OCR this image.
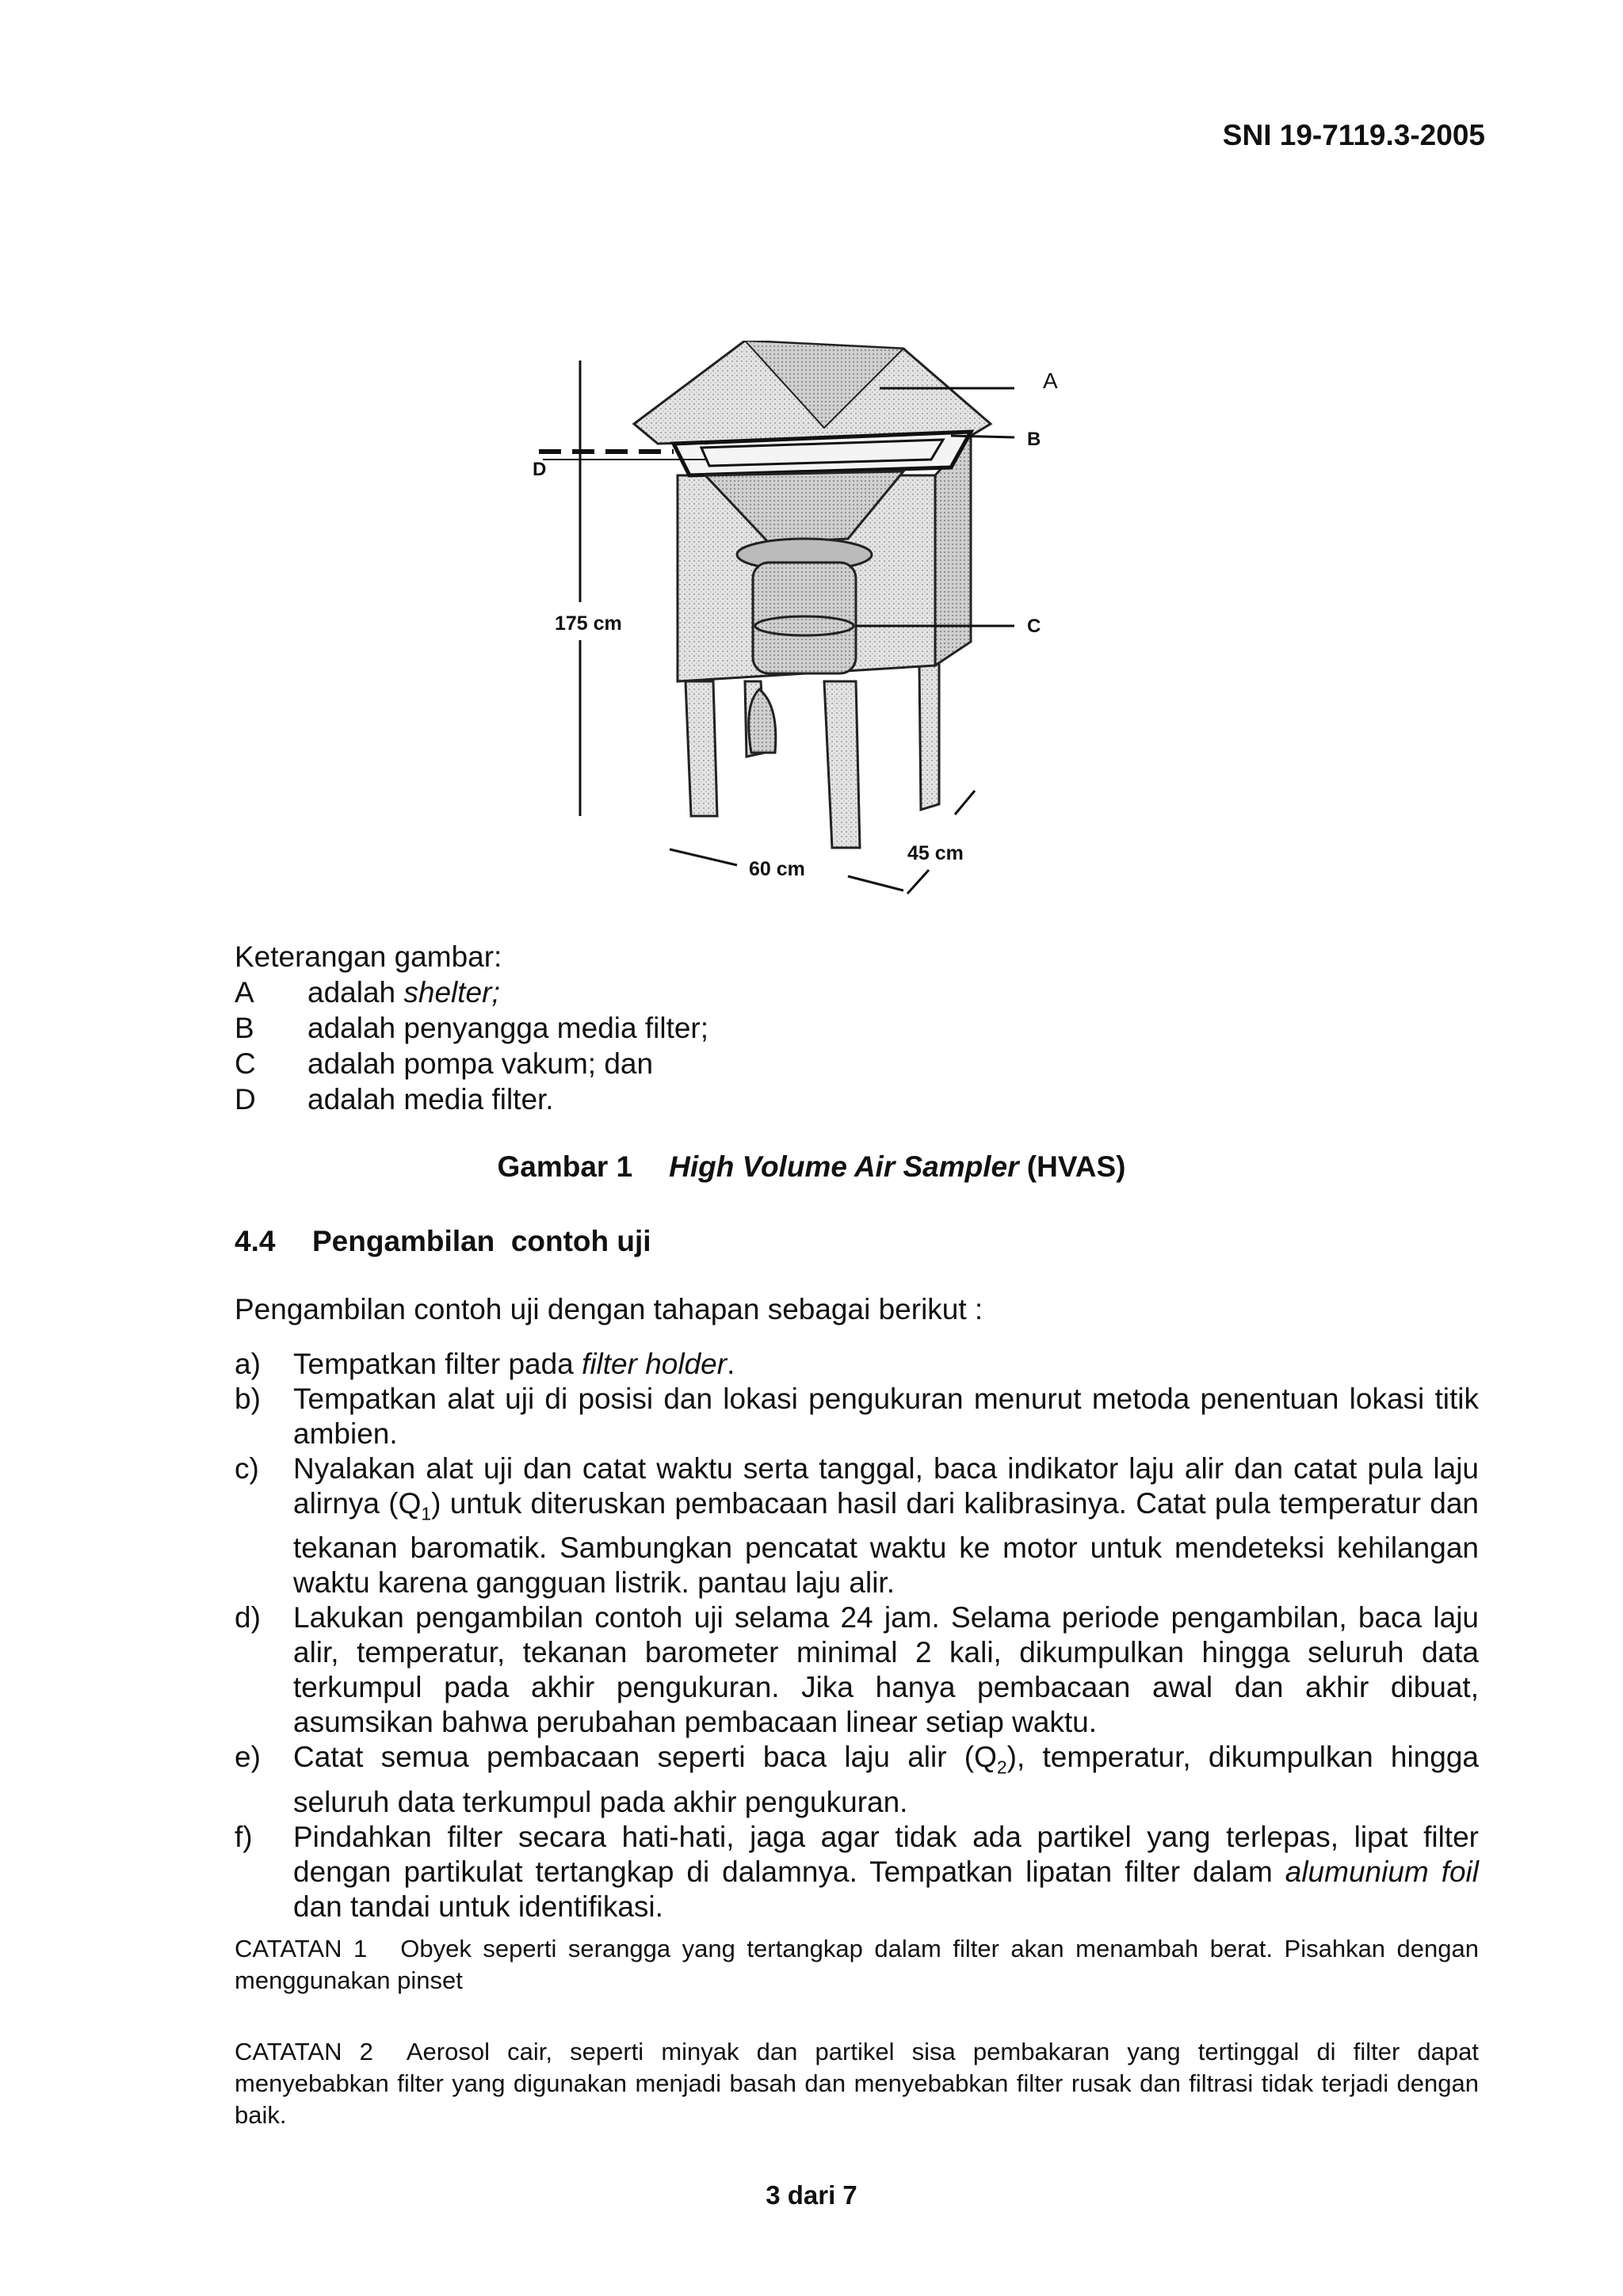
SNI 19-7119.3-2005
175 cm
D
A
B
C
60 cm
45 cm
Keterangan gambar:
A	adalah shelter;
B	adalah penyangga media filter;
C	adalah pompa vakum; dan
D	adalah media filter.
Gambar 1 High Volume Air Sampler (HVAS)
4.4 Pengambilan  contoh uji
Pengambilan contoh uji dengan tahapan sebagai berikut :
a)	Tempatkan filter pada filter holder.
b)	Tempatkan alat uji di posisi dan lokasi pengukuran menurut metoda penentuan lokasi titik ambien.
c)	Nyalakan alat uji dan catat waktu serta tanggal, baca indikator laju alir dan catat pula laju alirnya $(Q_1)$ untuk diteruskan pembacaan hasil dari kalibrasinya. Catat pula temperatur dan tekanan baromatik. Sambungkan pencatat waktu ke motor untuk mendeteksi kehilangan waktu karena gangguan listrik. pantau laju alir.
d)	Lakukan pengambilan contoh uji selama 24 jam. Selama periode pengambilan, baca laju alir, temperatur, tekanan barometer minimal 2 kali, dikumpulkan hingga seluruh data terkumpul pada akhir pengukuran. Jika hanya pembacaan awal dan akhir dibuat, asumsikan bahwa perubahan pembacaan linear setiap waktu.
e)	Catat semua pembacaan seperti baca laju alir $(Q_2)$, temperatur, dikumpulkan hingga seluruh data terkumpul pada akhir pengukuran.
f)	Pindahkan filter secara hati-hati, jaga agar tidak ada partikel yang terlepas, lipat filter dengan partikulat tertangkap di dalamnya. Tempatkan lipatan filter dalam alumunium foil dan tandai untuk identifikasi.
CATATAN 1 Obyek seperti serangga yang tertangkap dalam filter akan menambah berat. Pisahkan dengan menggunakan pinset
CATATAN 2 Aerosol cair, seperti minyak dan partikel sisa pembakaran yang tertinggal di filter dapat menyebabkan filter yang digunakan menjadi basah dan menyebabkan filter rusak dan filtrasi tidak terjadi dengan baik.
3 dari 7
